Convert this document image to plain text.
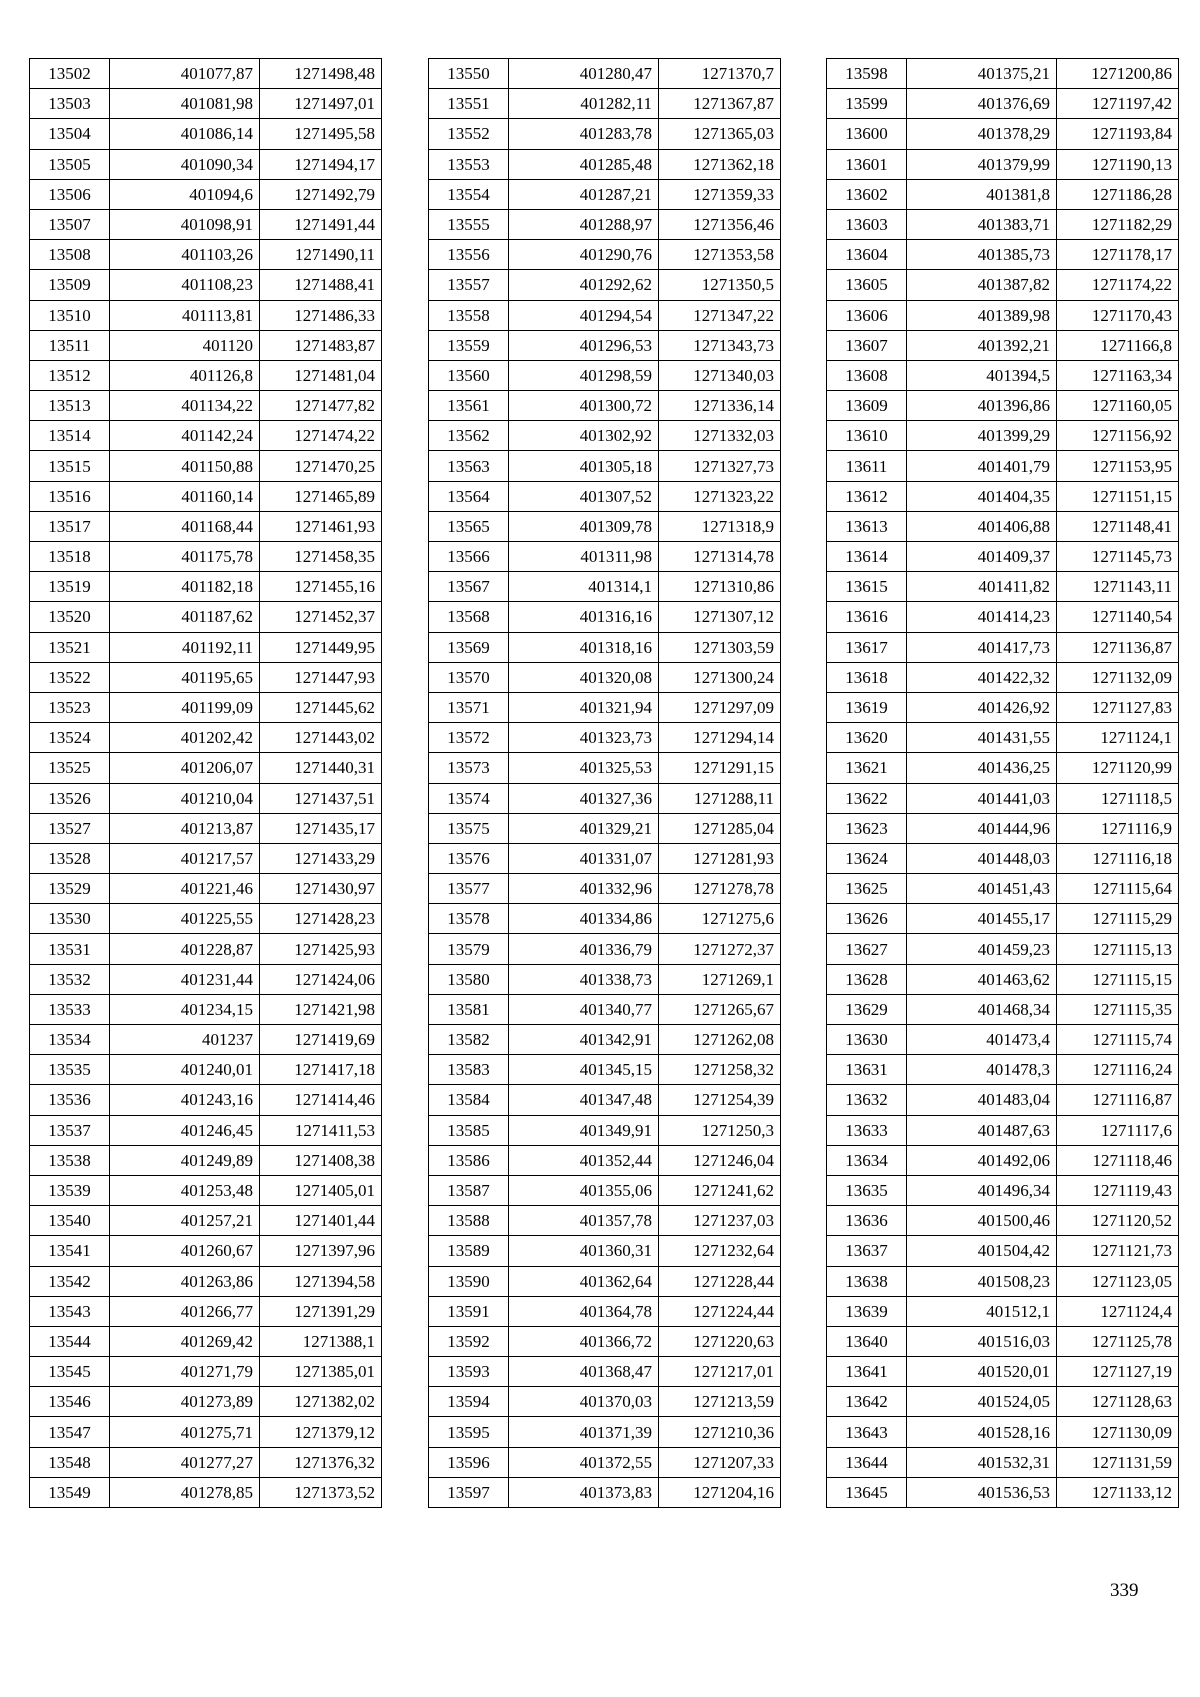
13502	401077,87	1271498,48
13503	401081,98	1271497,01
13504	401086,14	1271495,58
13505	401090,34	1271494,17
13506	401094,6	1271492,79
13507	401098,91	1271491,44
13508	401103,26	1271490,11
13509	401108,23	1271488,41
13510	401113,81	1271486,33
13511	401120	1271483,87
13512	401126,8	1271481,04
13513	401134,22	1271477,82
13514	401142,24	1271474,22
13515	401150,88	1271470,25
13516	401160,14	1271465,89
13517	401168,44	1271461,93
13518	401175,78	1271458,35
13519	401182,18	1271455,16
13520	401187,62	1271452,37
13521	401192,11	1271449,95
13522	401195,65	1271447,93
13523	401199,09	1271445,62
13524	401202,42	1271443,02
13525	401206,07	1271440,31
13526	401210,04	1271437,51
13527	401213,87	1271435,17
13528	401217,57	1271433,29
13529	401221,46	1271430,97
13530	401225,55	1271428,23
13531	401228,87	1271425,93
13532	401231,44	1271424,06
13533	401234,15	1271421,98
13534	401237	1271419,69
13535	401240,01	1271417,18
13536	401243,16	1271414,46
13537	401246,45	1271411,53
13538	401249,89	1271408,38
13539	401253,48	1271405,01
13540	401257,21	1271401,44
13541	401260,67	1271397,96
13542	401263,86	1271394,58
13543	401266,77	1271391,29
13544	401269,42	1271388,1
13545	401271,79	1271385,01
13546	401273,89	1271382,02
13547	401275,71	1271379,12
13548	401277,27	1271376,32
13549	401278,85	1271373,52
13550	401280,47	1271370,7
13551	401282,11	1271367,87
13552	401283,78	1271365,03
13553	401285,48	1271362,18
13554	401287,21	1271359,33
13555	401288,97	1271356,46
13556	401290,76	1271353,58
13557	401292,62	1271350,5
13558	401294,54	1271347,22
13559	401296,53	1271343,73
13560	401298,59	1271340,03
13561	401300,72	1271336,14
13562	401302,92	1271332,03
13563	401305,18	1271327,73
13564	401307,52	1271323,22
13565	401309,78	1271318,9
13566	401311,98	1271314,78
13567	401314,1	1271310,86
13568	401316,16	1271307,12
13569	401318,16	1271303,59
13570	401320,08	1271300,24
13571	401321,94	1271297,09
13572	401323,73	1271294,14
13573	401325,53	1271291,15
13574	401327,36	1271288,11
13575	401329,21	1271285,04
13576	401331,07	1271281,93
13577	401332,96	1271278,78
13578	401334,86	1271275,6
13579	401336,79	1271272,37
13580	401338,73	1271269,1
13581	401340,77	1271265,67
13582	401342,91	1271262,08
13583	401345,15	1271258,32
13584	401347,48	1271254,39
13585	401349,91	1271250,3
13586	401352,44	1271246,04
13587	401355,06	1271241,62
13588	401357,78	1271237,03
13589	401360,31	1271232,64
13590	401362,64	1271228,44
13591	401364,78	1271224,44
13592	401366,72	1271220,63
13593	401368,47	1271217,01
13594	401370,03	1271213,59
13595	401371,39	1271210,36
13596	401372,55	1271207,33
13597	401373,83	1271204,16
13598	401375,21	1271200,86
13599	401376,69	1271197,42
13600	401378,29	1271193,84
13601	401379,99	1271190,13
13602	401381,8	1271186,28
13603	401383,71	1271182,29
13604	401385,73	1271178,17
13605	401387,82	1271174,22
13606	401389,98	1271170,43
13607	401392,21	1271166,8
13608	401394,5	1271163,34
13609	401396,86	1271160,05
13610	401399,29	1271156,92
13611	401401,79	1271153,95
13612	401404,35	1271151,15
13613	401406,88	1271148,41
13614	401409,37	1271145,73
13615	401411,82	1271143,11
13616	401414,23	1271140,54
13617	401417,73	1271136,87
13618	401422,32	1271132,09
13619	401426,92	1271127,83
13620	401431,55	1271124,1
13621	401436,25	1271120,99
13622	401441,03	1271118,5
13623	401444,96	1271116,9
13624	401448,03	1271116,18
13625	401451,43	1271115,64
13626	401455,17	1271115,29
13627	401459,23	1271115,13
13628	401463,62	1271115,15
13629	401468,34	1271115,35
13630	401473,4	1271115,74
13631	401478,3	1271116,24
13632	401483,04	1271116,87
13633	401487,63	1271117,6
13634	401492,06	1271118,46
13635	401496,34	1271119,43
13636	401500,46	1271120,52
13637	401504,42	1271121,73
13638	401508,23	1271123,05
13639	401512,1	1271124,4
13640	401516,03	1271125,78
13641	401520,01	1271127,19
13642	401524,05	1271128,63
13643	401528,16	1271130,09
13644	401532,31	1271131,59
13645	401536,53	1271133,12
339
